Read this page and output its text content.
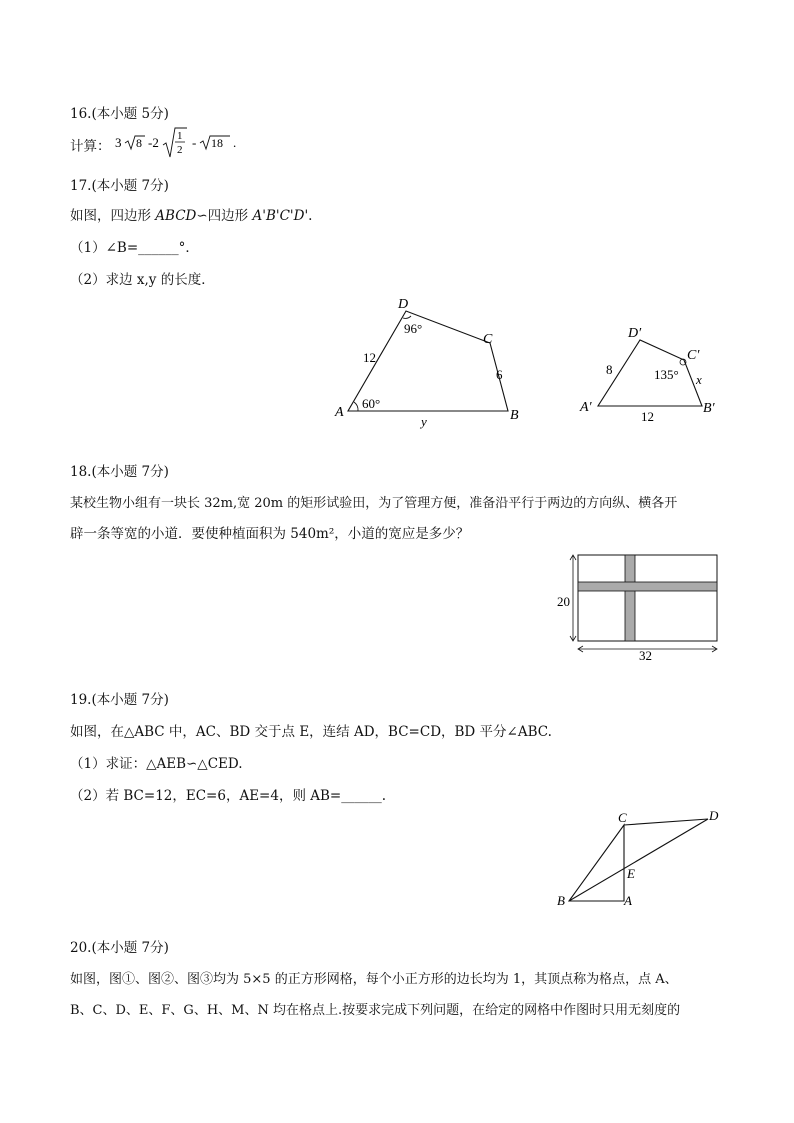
16.(本小题 5分)
计算： 3 8 -2 1
2 - 18 .
17.(本小题 7分)
如图，四边形 ABCD∽四边形 A'B'C'D'.
（1）∠B=______°．
（2）求边 x,y 的长度．
A	B
C
D
96°
60°
12
6
y
A′	B′
C′
D′
135°
8
12
x
20
32
C	D
E
B	A
18.(本小题 7分)
某校生物小组有一块长 32m,宽 20m 的矩形试验田，为了管理方便，准备沿平行于两边的方向纵、横各开
辟一条等宽的小道．要使种植面积为 540m²，小道的宽应是多少？
19.(本小题 7分)
如图，在△ABC 中，AC、BD 交于点 E，连结 AD，BC=CD，BD 平分∠ABC.
（1）求证：△AEB∽△CED.
（2）若 BC=12，EC=6，AE=4，则 AB=______.
20.(本小题 7分)
如图，图①、图②、图③均为 5×5 的正方形网格，每个小正方形的边长均为 1，其顶点称为格点，点 A、
B、C、D、E、F、G、H、M、N 均在格点上.按要求完成下列问题，在给定的网格中作图时只用无刻度的
